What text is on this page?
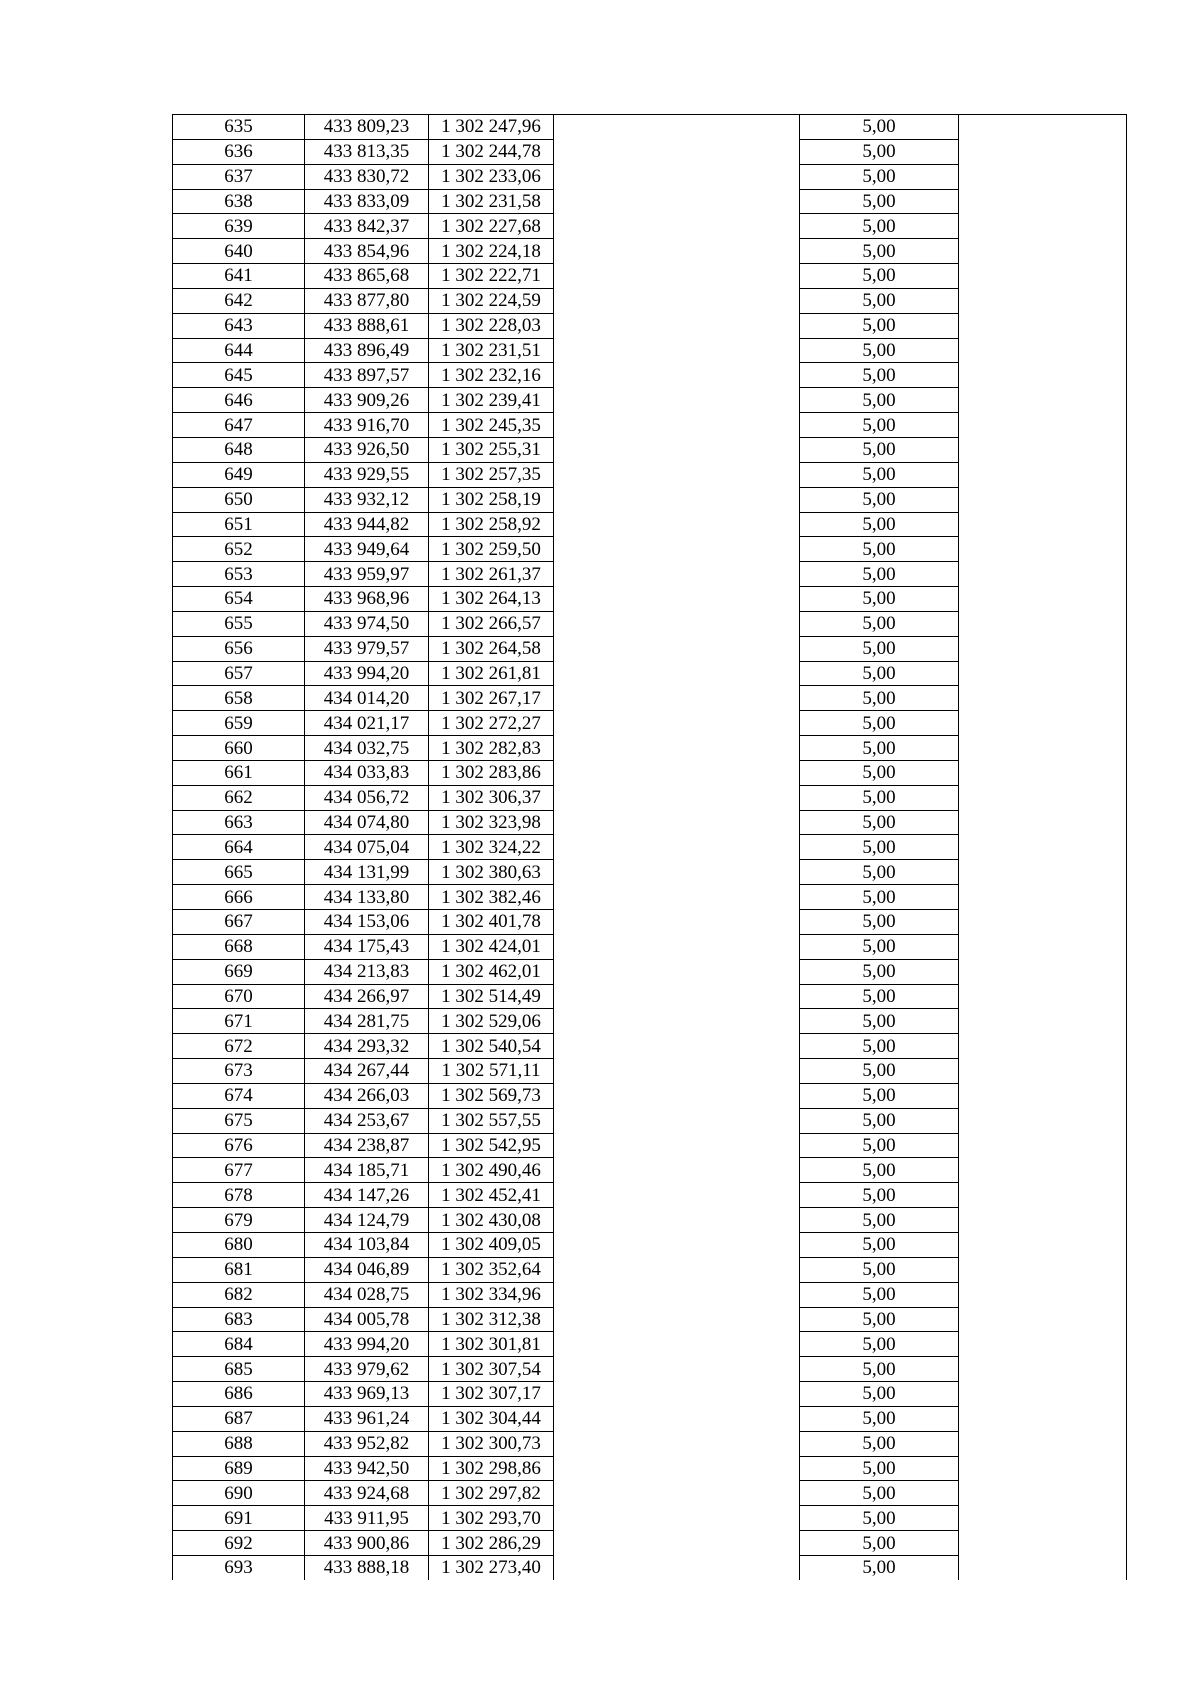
635	433 809,23	1 302 247,96		5,00	
636	433 813,35	1 302 244,78		5,00	
637	433 830,72	1 302 233,06		5,00	
638	433 833,09	1 302 231,58		5,00	
639	433 842,37	1 302 227,68		5,00	
640	433 854,96	1 302 224,18		5,00	
641	433 865,68	1 302 222,71		5,00	
642	433 877,80	1 302 224,59		5,00	
643	433 888,61	1 302 228,03		5,00	
644	433 896,49	1 302 231,51		5,00	
645	433 897,57	1 302 232,16		5,00	
646	433 909,26	1 302 239,41		5,00	
647	433 916,70	1 302 245,35		5,00	
648	433 926,50	1 302 255,31		5,00	
649	433 929,55	1 302 257,35		5,00	
650	433 932,12	1 302 258,19		5,00	
651	433 944,82	1 302 258,92		5,00	
652	433 949,64	1 302 259,50		5,00	
653	433 959,97	1 302 261,37		5,00	
654	433 968,96	1 302 264,13		5,00	
655	433 974,50	1 302 266,57		5,00	
656	433 979,57	1 302 264,58		5,00	
657	433 994,20	1 302 261,81		5,00	
658	434 014,20	1 302 267,17		5,00	
659	434 021,17	1 302 272,27		5,00	
660	434 032,75	1 302 282,83		5,00	
661	434 033,83	1 302 283,86		5,00	
662	434 056,72	1 302 306,37		5,00	
663	434 074,80	1 302 323,98		5,00	
664	434 075,04	1 302 324,22		5,00	
665	434 131,99	1 302 380,63		5,00	
666	434 133,80	1 302 382,46		5,00	
667	434 153,06	1 302 401,78		5,00	
668	434 175,43	1 302 424,01		5,00	
669	434 213,83	1 302 462,01		5,00	
670	434 266,97	1 302 514,49		5,00	
671	434 281,75	1 302 529,06		5,00	
672	434 293,32	1 302 540,54		5,00	
673	434 267,44	1 302 571,11		5,00	
674	434 266,03	1 302 569,73		5,00	
675	434 253,67	1 302 557,55		5,00	
676	434 238,87	1 302 542,95		5,00	
677	434 185,71	1 302 490,46		5,00	
678	434 147,26	1 302 452,41		5,00	
679	434 124,79	1 302 430,08		5,00	
680	434 103,84	1 302 409,05		5,00	
681	434 046,89	1 302 352,64		5,00	
682	434 028,75	1 302 334,96		5,00	
683	434 005,78	1 302 312,38		5,00	
684	433 994,20	1 302 301,81		5,00	
685	433 979,62	1 302 307,54		5,00	
686	433 969,13	1 302 307,17		5,00	
687	433 961,24	1 302 304,44		5,00	
688	433 952,82	1 302 300,73		5,00	
689	433 942,50	1 302 298,86		5,00	
690	433 924,68	1 302 297,82		5,00	
691	433 911,95	1 302 293,70		5,00	
692	433 900,86	1 302 286,29		5,00	
693	433 888,18	1 302 273,40		5,00	
